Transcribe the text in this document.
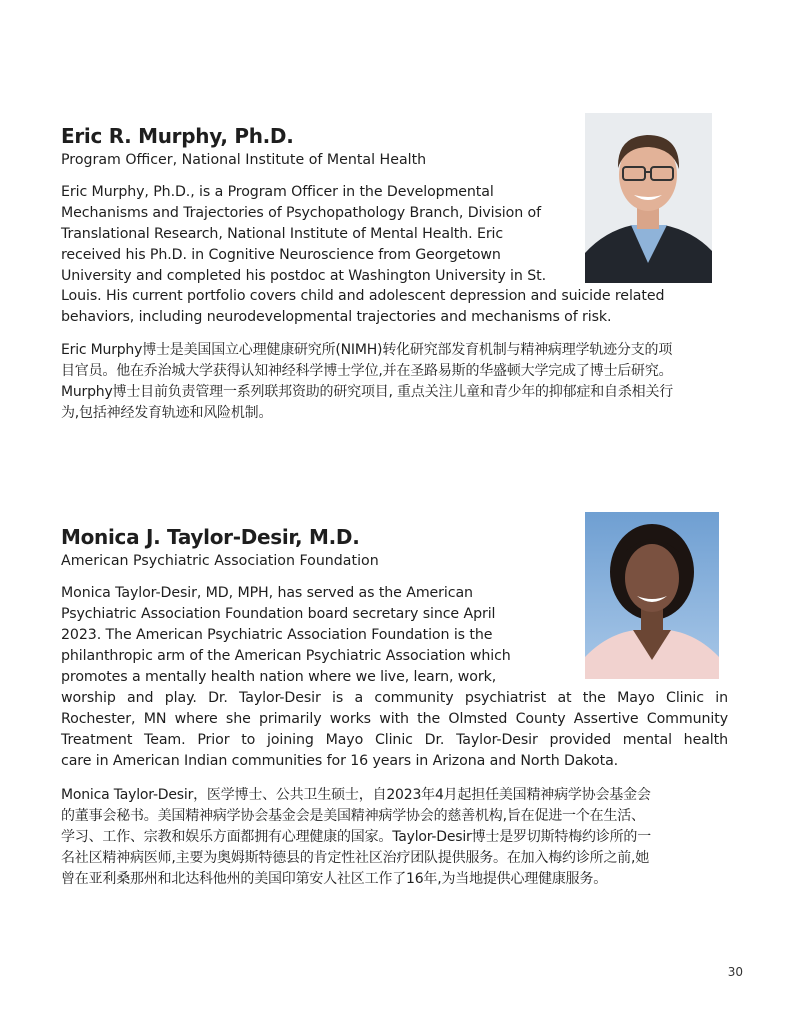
Eric R. Murphy, Ph.D.

Program Officer, National Institute of Mental Health

Eric Murphy, Ph.D., is a Program Officer in the Developmental
Mechanisms and Trajectories of Psychopathology Branch, Division of
Translational Research, National Institute of Mental Health. Eric
received his Ph.D. in Cognitive Neuroscience from Georgetown
University and completed his postdoc at Washington University in St.
Louis. His current portfolio covers child and adolescent depression and suicide related
behaviors, including neurodevelopmental trajectories and mechanisms of risk.
Eric Murphy博士是美国国立心理健康研究所(NIMH)转化研究部发育机制与精神病理学轨迹分支的项
目官员。他在乔治城大学获得认知神经科学博士学位,并在圣路易斯的华盛顿大学完成了博士后研究。
Murphy博士目前负责管理一系列联邦资助的研究项目, 重点关注儿童和青少年的抑郁症和自杀相关行
为,包括神经发育轨迹和风险机制。
Monica J. Taylor-Desir, M.D.

American Psychiatric Association Foundation

Monica Taylor-Desir, MD, MPH, has served as the American
Psychiatric Association Foundation board secretary since April
2023. The American Psychiatric Association Foundation is the
philanthropic arm of the American Psychiatric Association which
promotes a mentally health nation where we live, learn, work,
worship and play. Dr. Taylor-Desir is a community psychiatrist at the Mayo Clinic in
Rochester, MN where she primarily works with the Olmsted County Assertive Community
Treatment Team. Prior to joining Mayo Clinic Dr. Taylor-Desir provided mental health
care in American Indian communities for 16 years in Arizona and North Dakota.
Monica Taylor-Desir，医学博士、公共卫生硕士，自2023年4月起担任美国精神病学协会基金会
的董事会秘书。美国精神病学协会基金会是美国精神病学协会的慈善机构,旨在促进一个在生活、
学习、工作、宗教和娱乐方面都拥有心理健康的国家。Taylor-Desir博士是罗切斯特梅约诊所的一
名社区精神病医师,主要为奥姆斯特德县的肯定性社区治疗团队提供服务。在加入梅约诊所之前,她
曾在亚利桑那州和北达科他州的美国印第安人社区工作了16年,为当地提供心理健康服务。
30
